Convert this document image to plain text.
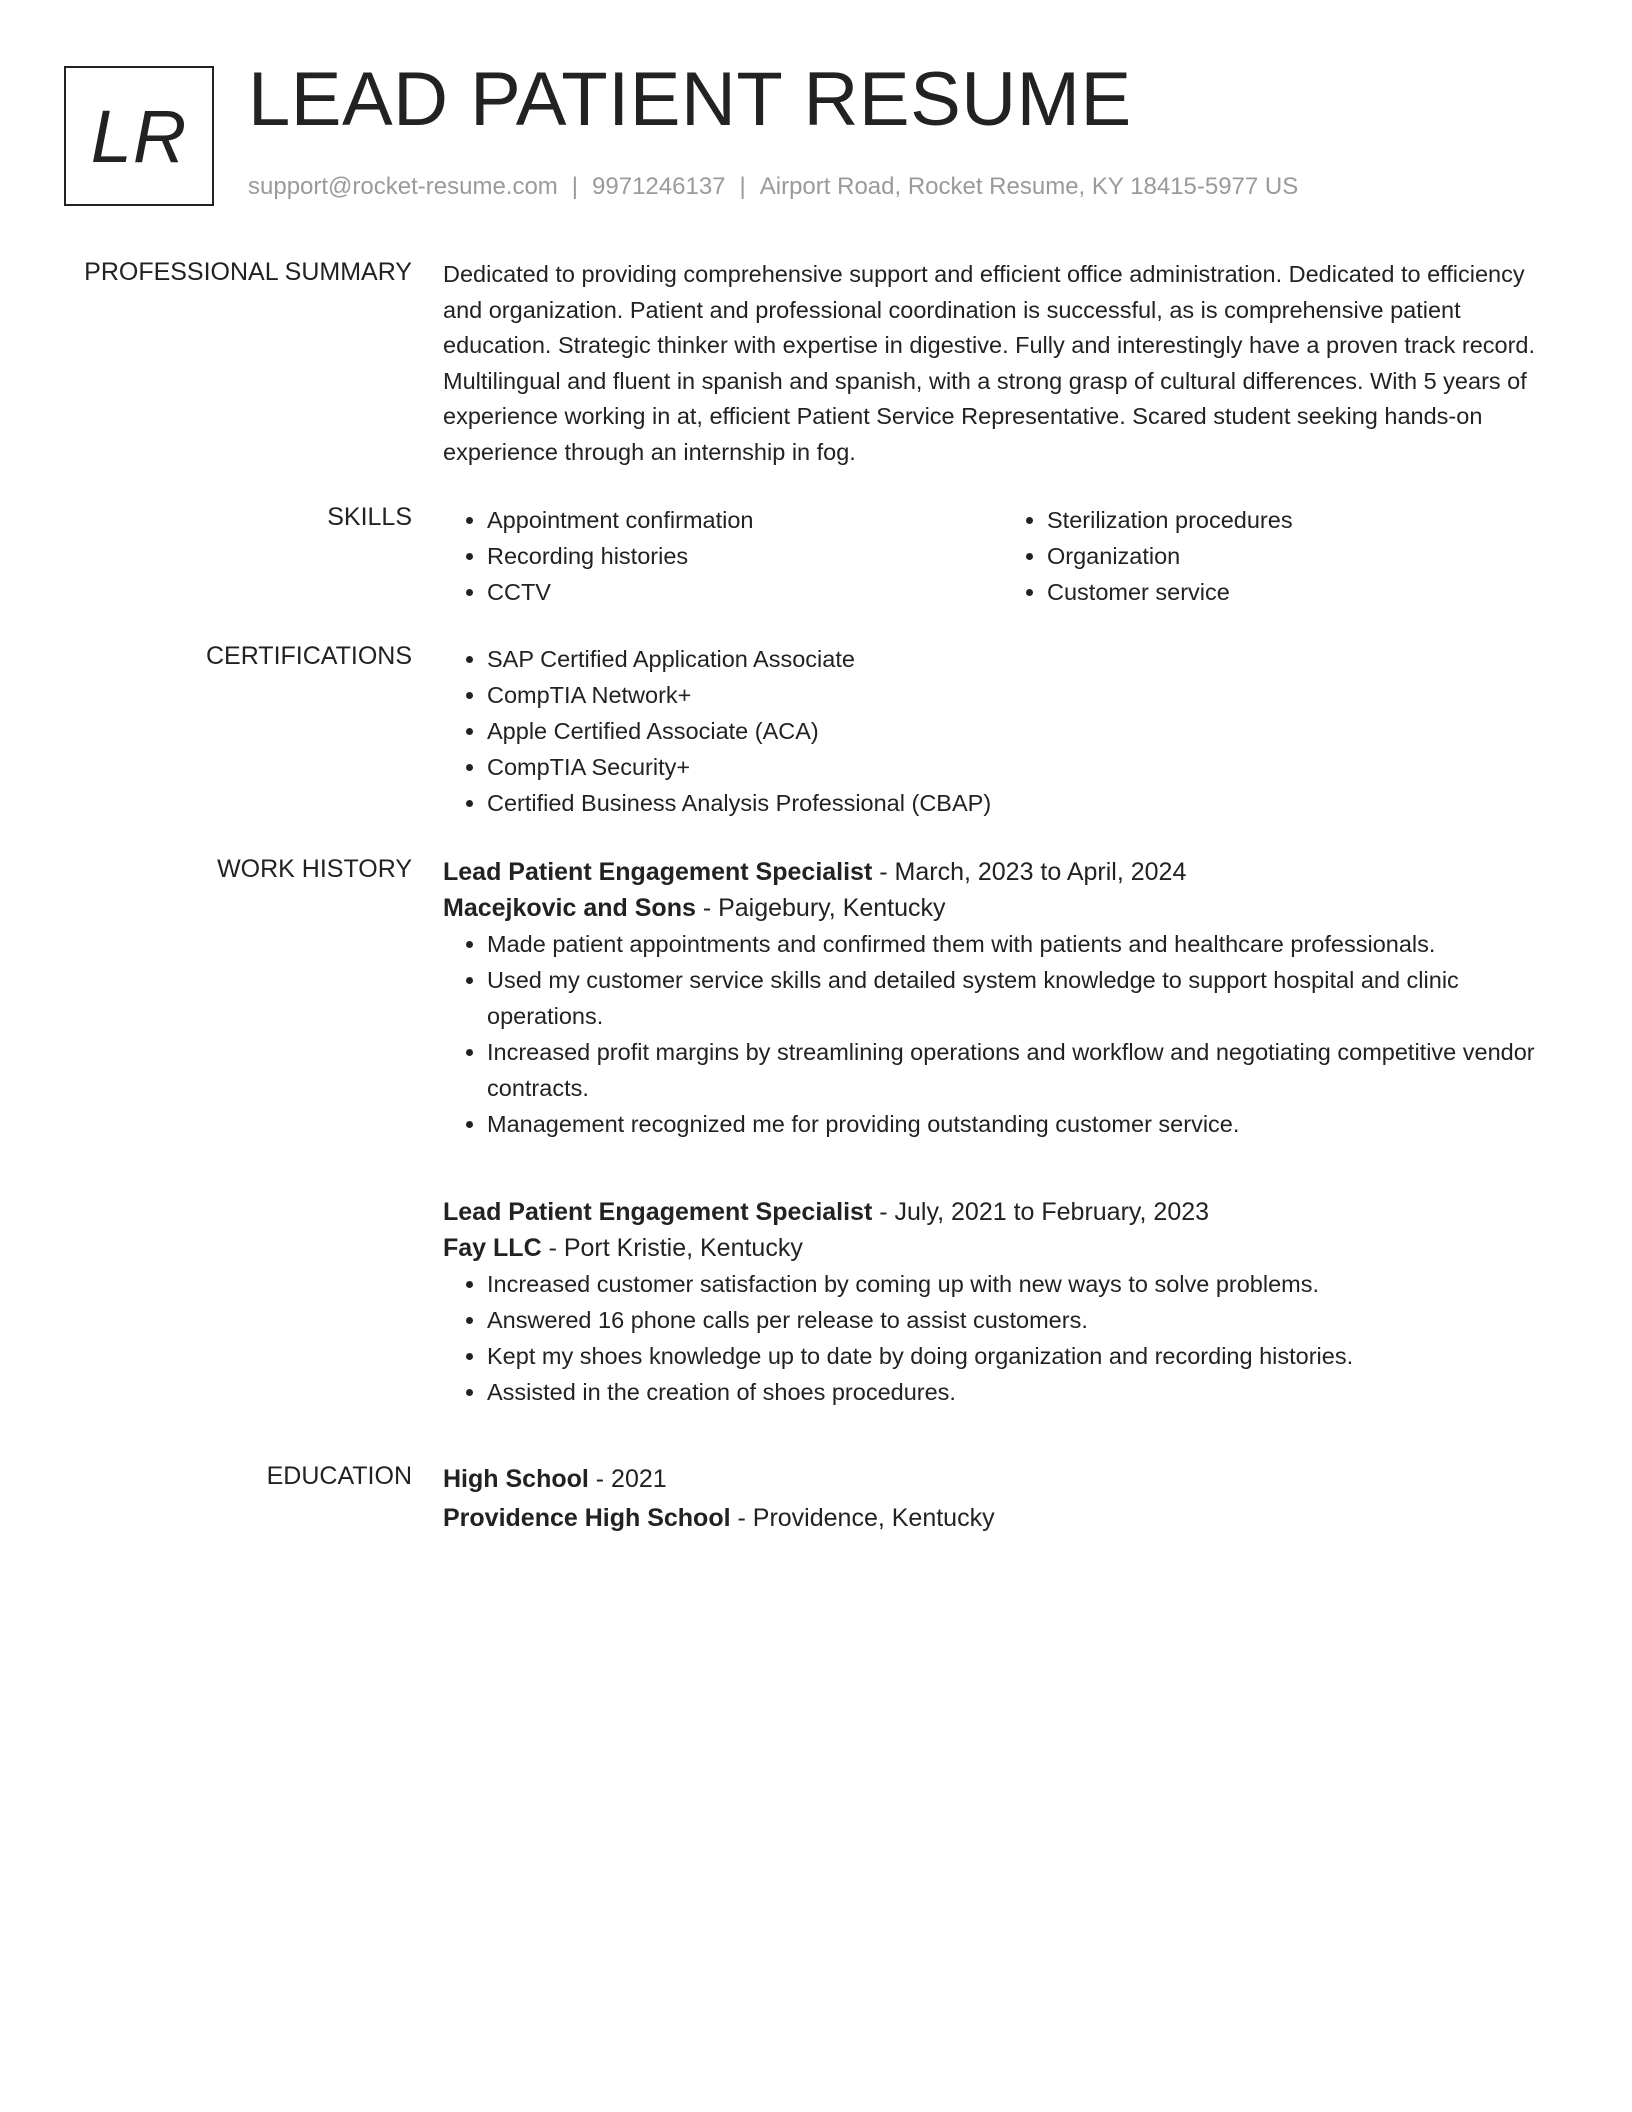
LR LEAD PATIENT RESUME
support@rocket-resume.com | 9971246137 | Airport Road, Rocket Resume, KY 18415-5977 US
PROFESSIONAL SUMMARY Dedicated to providing comprehensive support and efficient office administration. Dedicated to efficiency and organization. Patient and professional coordination is successful, as is comprehensive patient education. Strategic thinker with expertise in digestive. Fully and interestingly have a proven track record. Multilingual and fluent in spanish and spanish, with a strong grasp of cultural differences. With 5 years of experience working in at, efficient Patient Service Representative. Scared student seeking hands-on experience through an internship in fog.

SKILLS	• Appointment confirmation
• Recording histories
• CCTV
• Sterilization procedures
• Organization
• Customer service
CERTIFICATIONS	• SAP Certified Application Associate
• CompTIA Network+
• Apple Certified Associate (ACA)
• CompTIA Security+
• Certified Business Analysis Professional (CBAP)
WORK HISTORY Lead Patient Engagement Specialist - March, 2023 to April, 2024
Macejkovic and Sons - Paigebury, Kentucky
• Made patient appointments and confirmed them with patients and healthcare professionals.
• Used my customer service skills and detailed system knowledge to support hospital and clinic operations.
• Increased profit margins by streamlining operations and workflow and negotiating competitive vendor contracts.
• Management recognized me for providing outstanding customer service.
Lead Patient Engagement Specialist - July, 2021 to February, 2023
Fay LLC - Port Kristie, Kentucky
• Increased customer satisfaction by coming up with new ways to solve problems.
• Answered 16 phone calls per release to assist customers.
• Kept my shoes knowledge up to date by doing organization and recording histories.
• Assisted in the creation of shoes procedures.
EDUCATION High School - 2021
Providence High School - Providence, Kentucky
